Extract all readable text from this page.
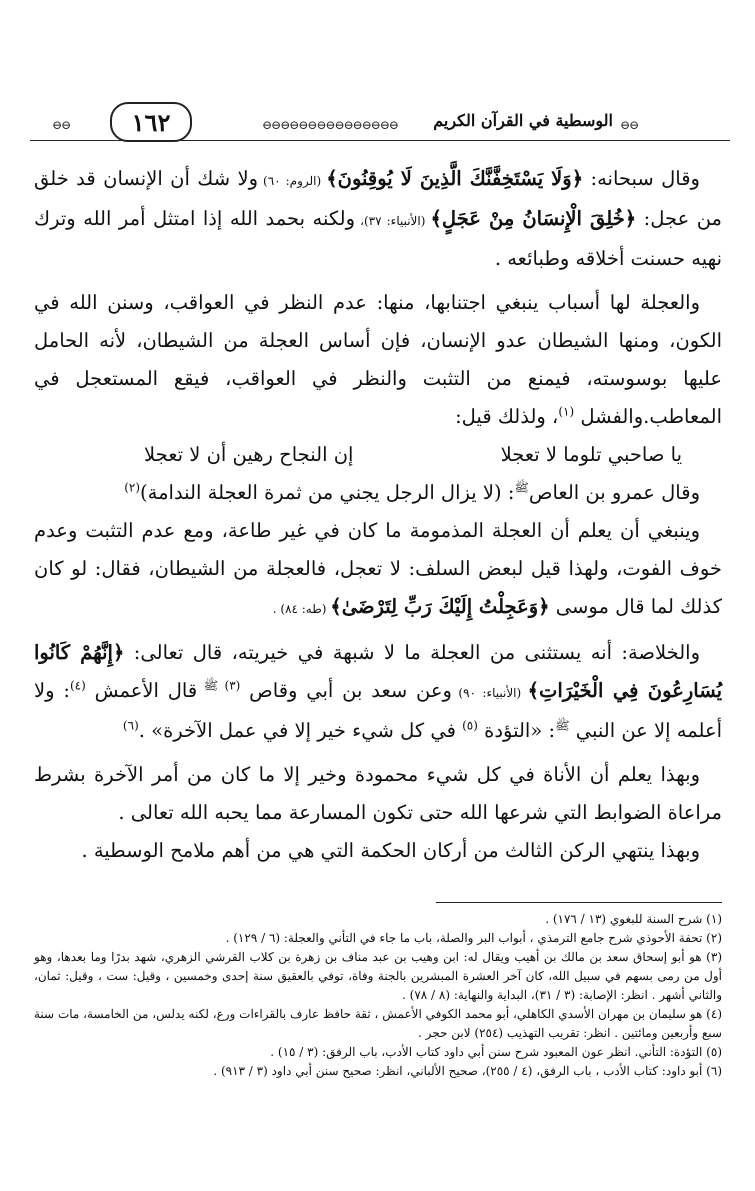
⊖⊖	١٦٢	⊖⊖⊖⊖⊖⊖⊖⊖⊖⊖⊖⊖⊖⊖⊖	الوسطية في القرآن الكريم ⊖⊖

وقال سبحانه: ﴿وَلَا يَسْتَخِفَّنَّكَ الَّذِينَ لَا يُوقِنُونَ﴾ (الروم: ٦٠) ولا شك أن الإنسان قد خلق من عجل: ﴿خُلِقَ الْإِنسَانُ مِنْ عَجَلٍ﴾ (الأنبياء: ٣٧)، ولكنه بحمد الله إذا امتثل أمر الله وترك نهيه حسنت أخلاقه وطبائعه .

والعجلة لها أسباب ينبغي اجتنابها، منها: عدم النظر في العواقب، وسنن الله في الكون، ومنها الشيطان عدو الإنسان، فإن أساس العجلة من الشيطان، لأنه الحامل عليها بوسوسته، فيمنع من التثبت والنظر في العواقب، فيقع المستعجل في المعاطب.والفشل $^{(١)}$، ولذلك قيل:

يا صاحبي تلوما لا تعجلا
إن النجاح رهين أن لا تعجلا

وقال عمرو بن العاص$^ﷺ$: (لا يزال الرجل يجني من ثمرة العجلة الندامة)$^{(٢)}$

وينبغي أن يعلم أن العجلة المذمومة ما كان في غير طاعة، ومع عدم التثبت وعدم خوف الفوت، ولهذا قيل لبعض السلف: لا تعجل، فالعجلة من الشيطان، فقال: لو كان كذلك لما قال موسى ﴿وَعَجِلْتُ إِلَيْكَ رَبِّ لِتَرْضَىٰ﴾ (طه: ٨٤) .

والخلاصة: أنه يستثنى من العجلة ما لا شبهة في خيريته، قال تعالى: ﴿إِنَّهُمْ كَانُوا يُسَارِعُونَ فِي الْخَيْرَاتِ﴾ (الأنبياء: ٩٠) وعن سعد بن أبي وقاص $^{(٣)}$ $^ﷺ$ قال الأعمش $^{(٤)}$: ولا أعلمه إلا عن النبي $^ﷺ$: «التؤدة $^{(٥)}$ في كل شيء خير إلا في عمل الآخرة» .$^{(٦)}$

وبهذا يعلم أن الأناة في كل شيء محمودة وخير إلا ما كان من أمر الآخرة بشرط مراعاة الضوابط التي شرعها الله حتى تكون المسارعة مما يحبه الله تعالى .

وبهذا ينتهي الركن الثالث من أركان الحكمة التي هي من أهم ملامح الوسطية .

(١) شرح السنة للبغوي (١٣ / ١٧٦) .

(٢) تحفة الأحوذي شرح جامع الترمذي ، أبواب البر والصلة، باب ما جاء في التأني والعجلة: (٦ / ١٢٩) .

(٣) هو أبو إسحاق سعد بن مالك بن أهيب ويقال له: ابن وهيب بن عبد مناف بن زهرة بن كلاب القرشي الزهري، شهد بدرًا وما بعدها، وهو أول من رمى بسهم في سبيل الله، كان آخر العشرة المبشرين بالجنة وفاة، توفي بالعقيق سنة إحدى وخمسين ، وقيل: ست ، وقيل: ثمان، والثاني أشهر . انظر: الإصابة: (٣ / ٣١)، البداية والنهاية: (٨ / ٧٨) .

(٤) هو سليمان بن مهران الأسدي الكاهلي، أبو محمد الكوفي الأعمش ، ثقة حافظ عارف بالقراءات ورع، لكنه يدلس، من الخامسة، مات سنة سبع وأربعين ومائتين . انظر: تقريب التهذيب (٢٥٤) لابن حجر .

(٥) التؤدة: التأني. انظر عون المعبود شرح سنن أبي داود كتاب الأدب، باب الرفق: (٣ / ١٥) .

(٦) أبو داود: كتاب الأدب ، باب الرفق، (٤ / ٢٥٥)، صحيح الألباني، انظر: صحيح سنن أبي داود (٣ / ٩١٣) .
